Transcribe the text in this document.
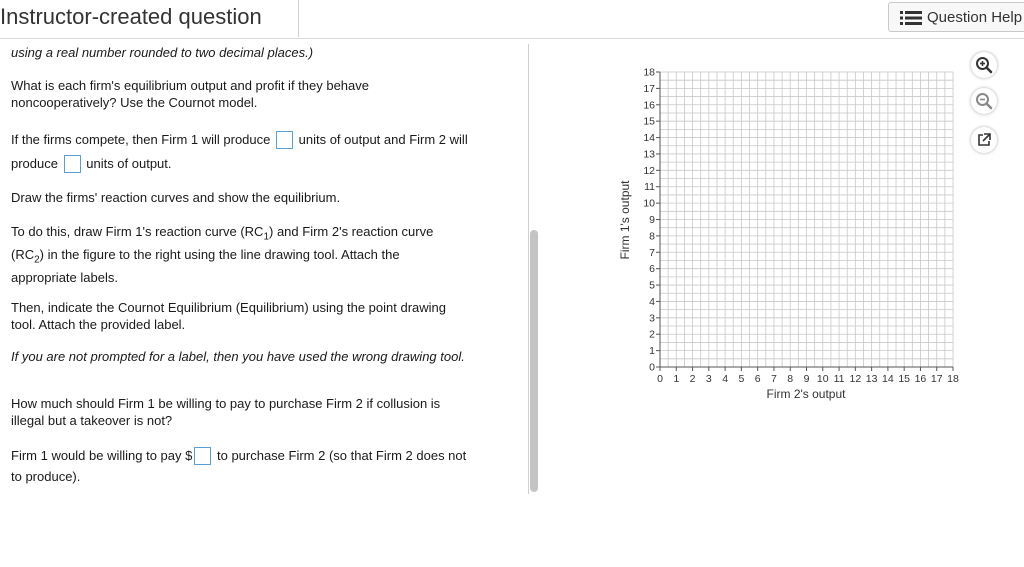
Instructor-created question	Question Help
using a real number rounded to two decimal places.)
What is each firm's equilibrium output and profit if they behave
noncooperatively? Use the Cournot model.
If the firms compete, then Firm 1 will produce units of output and Firm 2 will
produce units of output.
Draw the firms' reaction curves and show the equilibrium.
To do this, draw Firm 1's reaction curve $(RC_1)$ and Firm 2's reaction curve
$(RC_2)$ in the figure to the right using the line drawing tool. Attach the
appropriate labels.
Then, indicate the Cournot Equilibrium (Equilibrium) using the point drawing
tool. Attach the provided label.
If you are not prompted for a label, then you have used the wrong drawing tool.
How much should Firm 1 be willing to pay to purchase Firm 2 if collusion is
illegal but a takeover is not?
Firm 1 would be willing to pay $ to purchase Firm 2 (so that Firm 2 does not
to produce).
0 1 2 3 4 5 6 7 8 9 10 11 12 13 14 15 16 17 18
0
1
2
3
4
5
6
7
8
9
10
11
12
13
14
15
16
17
18
Firm 2's output
Firm 1's output
